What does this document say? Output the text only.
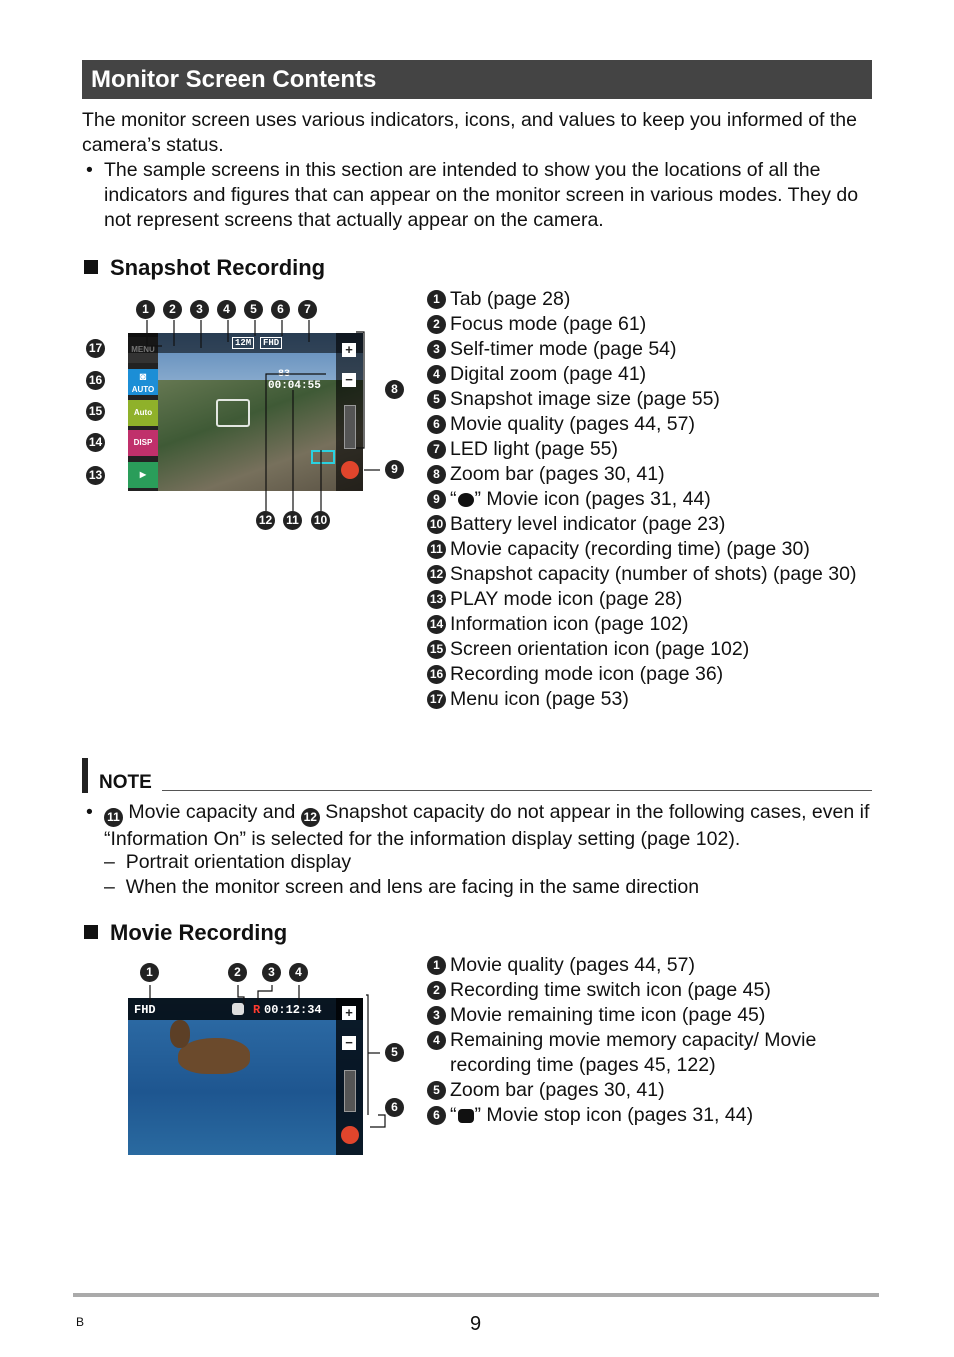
Monitor Screen Contents
The monitor screen uses various indicators, icons, and values to keep you informed of the camera’s status.
• The sample screens in this section are intended to show you the locations of all the indicators and figures that can appear on the monitor screen in various modes. They do not represent screens that actually appear on the camera.
Snapshot Recording
◙
AUTO
Auto
DISP
▶
12M	FHD
83
00:04:55
+
−
1	2	3	4	5	6	7
17
16
15
14
13
8
9
12 11 10
1 Tab (page 28)
2 Focus mode (page 61)
3 Self-timer mode (page 54)
4 Digital zoom (page 41)
5 Snapshot image size (page 55)
6 Movie quality (pages 44, 57)
7 LED light (page 55)
8 Zoom bar (pages 30, 41)
9 “ ” Movie icon (pages 31, 44)
10 Battery level indicator (page 23)
11 Movie capacity (recording time) (page 30)
12 Snapshot capacity (number of shots) (page 30)
13 PLAY mode icon (page 28)
14 Information icon (page 102)
15 Screen orientation icon (page 102)
16 Recording mode icon (page 36)
17 Menu icon (page 53)
NOTE
• 11 Movie capacity and 12 Snapshot capacity do not appear in the following cases, even if “Information On” is selected for the information display setting (page 102).
–  Portrait orientation display
–  When the monitor screen and lens are facing in the same direction
Movie Recording
FHD	R 00:12:34 +
−
1	2	3	4
5
6
1 Movie quality (pages 44, 57)
2 Recording time switch icon (page 45)
3 Movie remaining time icon (page 45)
4 Remaining movie memory capacity/ Movie recording time (pages 45, 122)
5 Zoom bar (pages 30, 41)
6 “ ” Movie stop icon (pages 31, 44)
B	9
